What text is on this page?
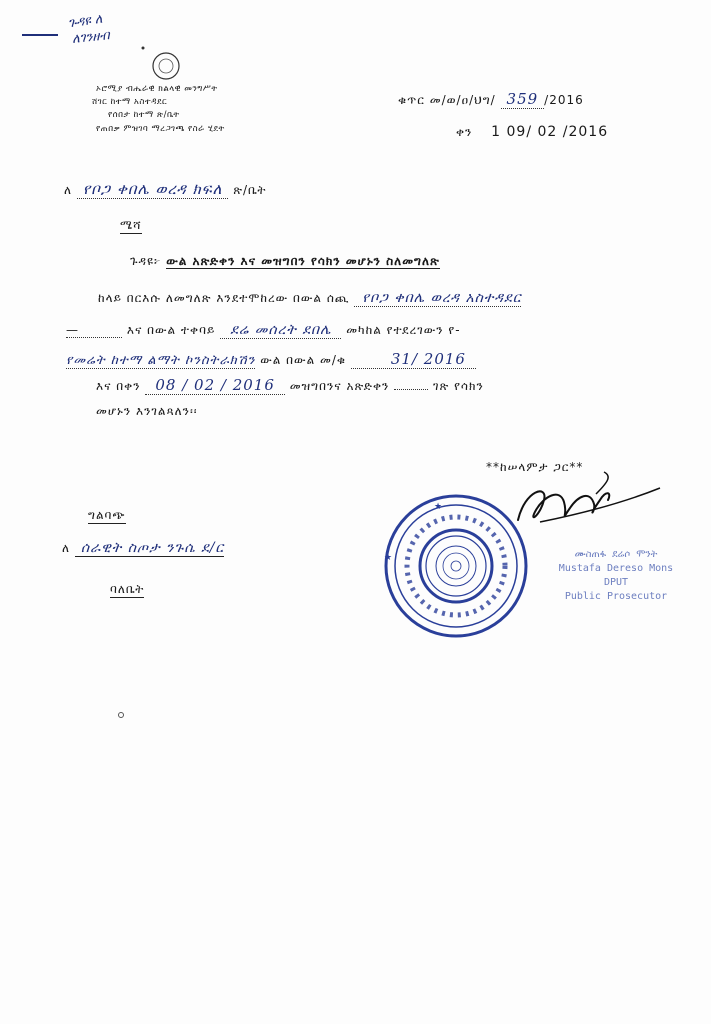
ጉዳዩ ለ
ለገንዘብ
ኦሮሚያ ብሔራዊ ክልላዊ መንግሥት
ሸገር ከተማ አስተዳደር
የሰበታ ከተማ ጽ/ቤት
የጠበቃ ምዝገባ ማረጋገጫ የስራ ሂደት
ቁጥር መ/ወ/ዐ/ህግ/ 359 /2016
ቀን 1 09/ 02 /2016
ለ የቦጋ ቀበሌ ወረዳ ክፍለ ጽ/ቤት
ሜሻ
ጉዳዩ፦ ውል አጽድቀን እና መዝግበን የሳክን መሆኑን ስለመግለጽ
ከላይ በርእሱ ለመግለጽ እንደተሞከረው በውል ሰጪ የቦጋ ቀበሌ ወረዳ አስተዳደር
—	እና በውል ተቀባይ ደሬ መሰረት ደበሌ መካከል የተደረገውን የ-
የመሬት ከተማ ልማት ኮንስትራክሽን ውል በውል መ/ቁ	31/ 2016
እና በቀን 08 / 02 / 2016 መዝግበንና አጽድቀን	ገጽ የሳክን
መሆኑን እንገልጻለን፡፡
**ከሠላምታ ጋር**
ግልባጭ
ለ ሰራዊት ስጦታ ንጉሴ ደ/ር
ባለቤት
★
★	ሙስጠፋ ደሬሶ ሞንት
Mustafa Dereso Mons
DPUT
Public Prosecutor
